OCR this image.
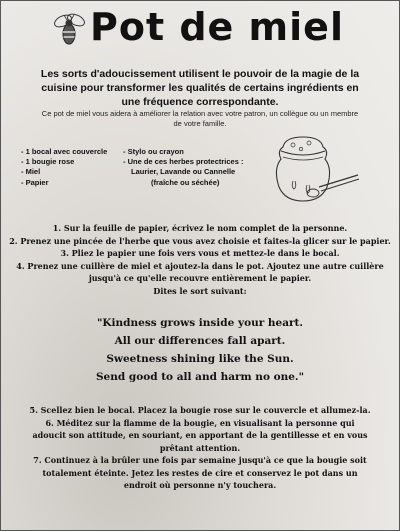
Pot de miel
Les sorts d'adoucissement utilisent le pouvoir de la magie de la cuisine pour transformer les qualités de certains ingrédients en une fréquence correspondante.
Ce pot de miel vous aidera à améliorer la relation avec votre patron, un collègue ou un membre de votre famille.
- 1 bocal avec couvercle
- 1 bougie rose
- Miel
- Papier
- Stylo ou crayon
- Une de ces herbes protectrices :
Laurier, Lavande ou Cannelle
(fraîche ou séchée)

1. Sur la feuille de papier, écrivez le nom complet de la personne.

2. Prenez une pincée de l'herbe que vous avez choisie et faites-la glicer sur le papier.

3. Pliez le papier une fois vers vous et mettez-le dans le bocal.

4. Prenez une cuillère de miel et ajoutez-la dans le pot. Ajoutez une autre cuillère jusqu'à ce qu'elle recouvre entièrement le papier.

Dites le sort suivant:

"Kindness grows inside your heart.

All our differences fall apart.

Sweetness shining like the Sun.

Send good to all and harm no one."

5. Scellez bien le bocal. Placez la bougie rose sur le couvercle et allumez-la.

6. Méditez sur la flamme de la bougie, en visualisant la personne qui adoucit son attitude, en souriant, en apportant de la gentillesse et en vous prêtant attention.

7. Continuez à la brûler une fois par semaine jusqu'à ce que la bougie soit totalement éteinte. Jetez les restes de cire et conservez le pot dans un endroit où personne n'y touchera.
